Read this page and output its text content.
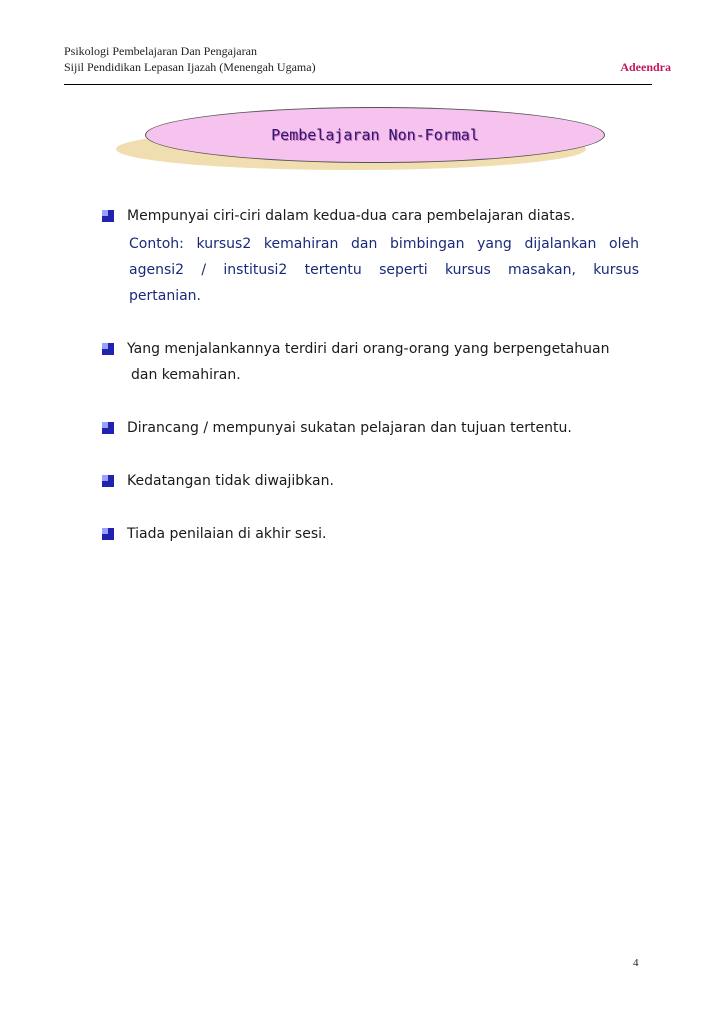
Psikologi Pembelajaran Dan Pengajaran
Sijil Pendidikan Lepasan Ijazah (Menengah Ugama)	Adeendra
Pembelajaran Non-Formal
Mempunyai ciri-ciri dalam kedua-dua cara pembelajaran diatas.
Contoh: kursus2 kemahiran dan bimbingan yang dijalankan oleh
agensi2 / institusi2 tertentu seperti kursus masakan, kursus
pertanian.
Yang menjalankannya terdiri dari orang-orang yang berpengetahuan
dan kemahiran.
Dirancang / mempunyai sukatan pelajaran dan tujuan tertentu.
Kedatangan tidak diwajibkan.
Tiada penilaian di akhir sesi.
4
